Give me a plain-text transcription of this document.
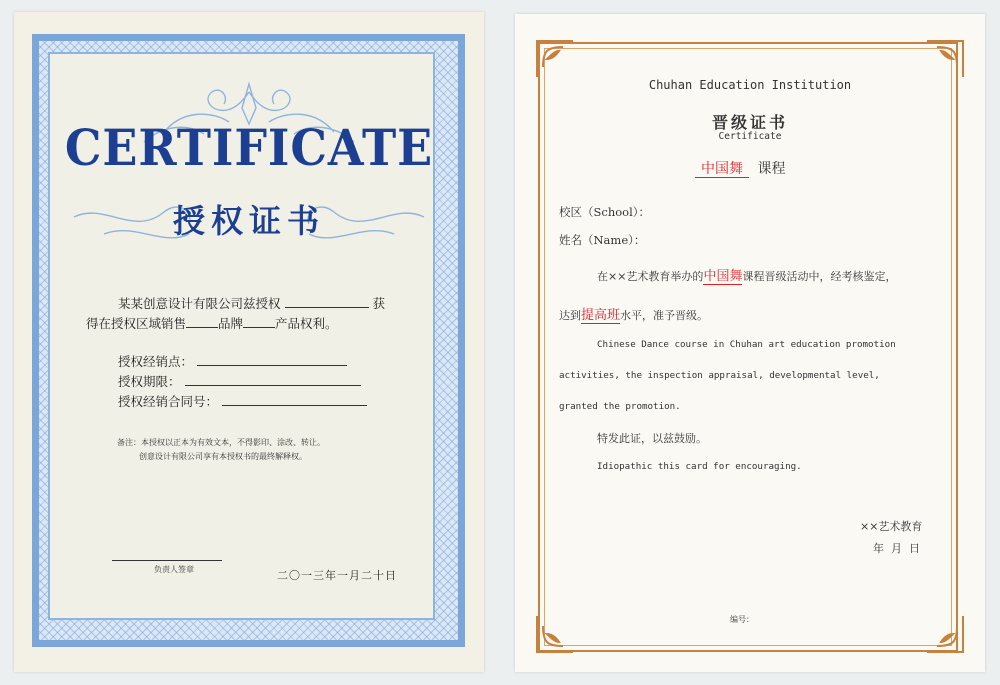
CERTIFICATE
授权证书
某某创意设计有限公司兹授权	获
得在授权区域销售	品牌	产品权利。
授权经销点：
授权期限：
授权经销合同号：
备注：本授权以正本为有效文本，不得影印、涂改、转让。
创意设计有限公司享有本授权书的最终解释权。
负责人签章	二〇一三年一月二十日
Chuhan Education Institution
晋级证书
Certificate
中国舞 课程
校区（School）：
姓名（Name）：
在××艺术教育举办的中国舞课程晋级活动中，经考核鉴定，
达到提高班水平，准予晋级。
Chinese Dance course in Chuhan art education promotion
activities, the inspection appraisal, developmental level,
granted the promotion.
特发此证，以兹鼓励。
Idiopathic this card for encouraging.
××艺术教育
年  月  日
编号：
